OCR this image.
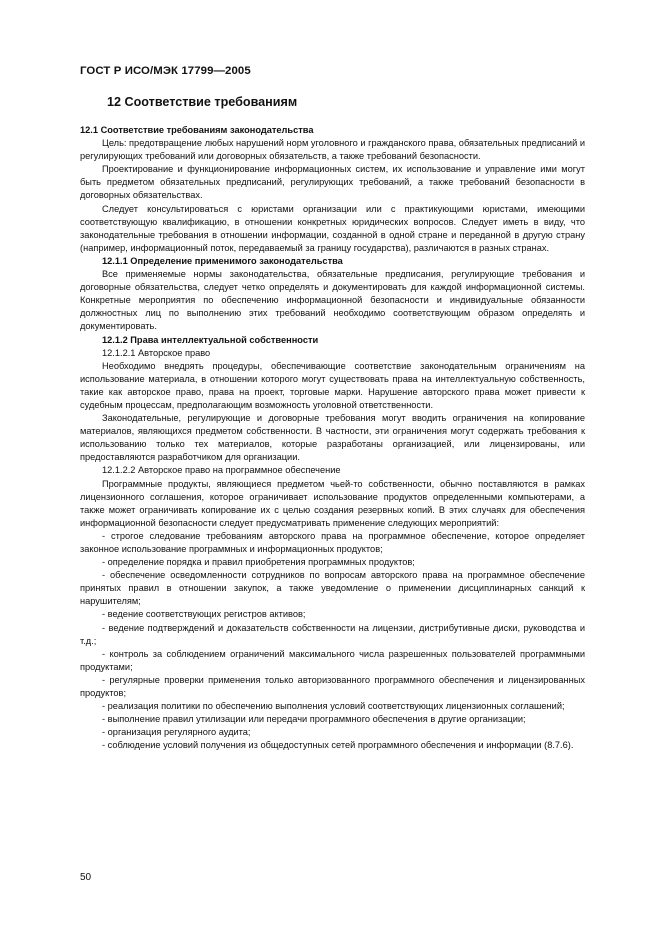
ГОСТ Р ИСО/МЭК 17799—2005
12 Соответствие требованиям

12.1 Соответствие требованиям законодательства

Цель: предотвращение любых нарушений норм уголовного и гражданского права, обязательных предписаний и регулирующих требований или договорных обязательств, а также требований безопасности.

Проектирование и функционирование информационных систем, их использование и управление ими могут быть предметом обязательных предписаний, регулирующих требований, а также требований безопасности в договорных обязательствах.

Следует консультироваться с юристами организации или с практикующими юристами, имеющими соответствующую квалификацию, в отношении конкретных юридических вопросов. Следует иметь в виду, что законодательные требования в отношении информации, созданной в одной стране и переданной в другую страну (например, информационный поток, передаваемый за границу государства), различаются в разных странах.

12.1.1 Определение применимого законодательства

Все применяемые нормы законодательства, обязательные предписания, регулирующие требования и договорные обязательства, следует четко определять и документировать для каждой информационной системы. Конкретные мероприятия по обеспечению информационной безопасности и индивидуальные обязанности должностных лиц по выполнению этих требований необходимо соответствующим образом определять и документировать.

12.1.2 Права интеллектуальной собственности

12.1.2.1 Авторское право

Необходимо внедрять процедуры, обеспечивающие соответствие законодательным ограничениям на использование материала, в отношении которого могут существовать права на интеллектуальную собственность, такие как авторское право, права на проект, торговые марки. Нарушение авторского права может привести к судебным процессам, предполагающим возможность уголовной ответственности.

Законодательные, регулирующие и договорные требования могут вводить ограничения на копирование материалов, являющихся предметом собственности. В частности, эти ограничения могут содержать требования к использованию только тех материалов, которые разработаны организацией, или лицензированы, или предоставляются разработчиком для организации.

12.1.2.2 Авторское право на программное обеспечение

Программные продукты, являющиеся предметом чьей-то собственности, обычно поставляются в рамках лицензионного соглашения, которое ограничивает использование продуктов определенными компьютерами, а также может ограничивать копирование их с целью создания резервных копий. В этих случаях для обеспечения информационной безопасности следует предусматривать применение следующих мероприятий:

- строгое следование требованиям авторского права на программное обеспечение, которое определяет законное использование программных и информационных продуктов;

- определение порядка и правил приобретения программных продуктов;

- обеспечение осведомленности сотрудников по вопросам авторского права на программное обеспечение принятых правил в отношении закупок, а также уведомление о применении дисциплинарных санкций к нарушителям;

- ведение соответствующих регистров активов;

- ведение подтверждений и доказательств собственности на лицензии, дистрибутивные диски, руководства и т.д.;

- контроль за соблюдением ограничений максимального числа разрешенных пользователей программными продуктами;

- регулярные проверки применения только авторизованного программного обеспечения и лицензированных продуктов;

- реализация политики по обеспечению выполнения условий соответствующих лицензионных соглашений;

- выполнение правил утилизации или передачи программного обеспечения в другие организации;

- организация регулярного аудита;

- соблюдение условий получения из общедоступных сетей программного обеспечения и информации (8.7.6).

50
